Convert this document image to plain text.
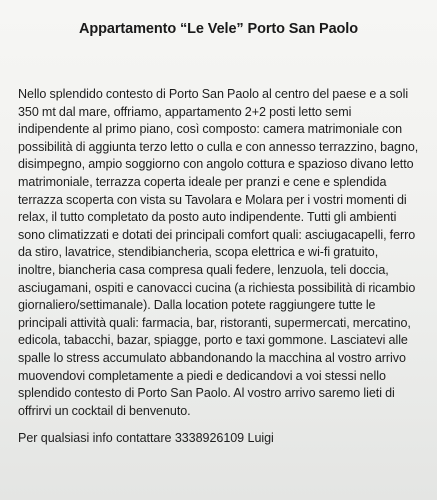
Appartamento “Le Vele” Porto San Paolo
Nello splendido contesto di Porto San Paolo al centro del paese e a soli
350 mt dal mare, offriamo, appartamento 2+2 posti letto semi
indipendente al primo piano, così composto: camera matrimoniale con
possibilità di aggiunta terzo letto o culla e con annesso terrazzino, bagno,
disimpegno, ampio soggiorno con angolo cottura e spazioso divano letto
matrimoniale, terrazza coperta ideale per pranzi e cene e splendida
terrazza scoperta con vista su Tavolara e Molara per i vostri momenti di
relax, il tutto completato da posto auto indipendente. Tutti gli ambienti
sono climatizzati e dotati dei principali comfort quali: asciugacapelli, ferro
da stiro, lavatrice, stendibiancheria, scopa elettrica e wi-fi gratuito,
inoltre, biancheria casa compresa quali federe, lenzuola, teli doccia,
asciugamani, ospiti e canovacci cucina (a richiesta possibilità di ricambio
giornaliero/settimanale). Dalla location potete raggiungere tutte le
principali attività quali: farmacia, bar, ristoranti, supermercati, mercatino,
edicola, tabacchi, bazar, spiagge, porto e taxi gommone. Lasciatevi alle
spalle lo stress accumulato abbandonando la macchina al vostro arrivo
muovendovi completamente a piedi e dedicandovi a voi stessi nello
splendido contesto di Porto San Paolo. Al vostro arrivo saremo lieti di
offrirvi un cocktail di benvenuto.
Per qualsiasi info contattare 3338926109 Luigi
